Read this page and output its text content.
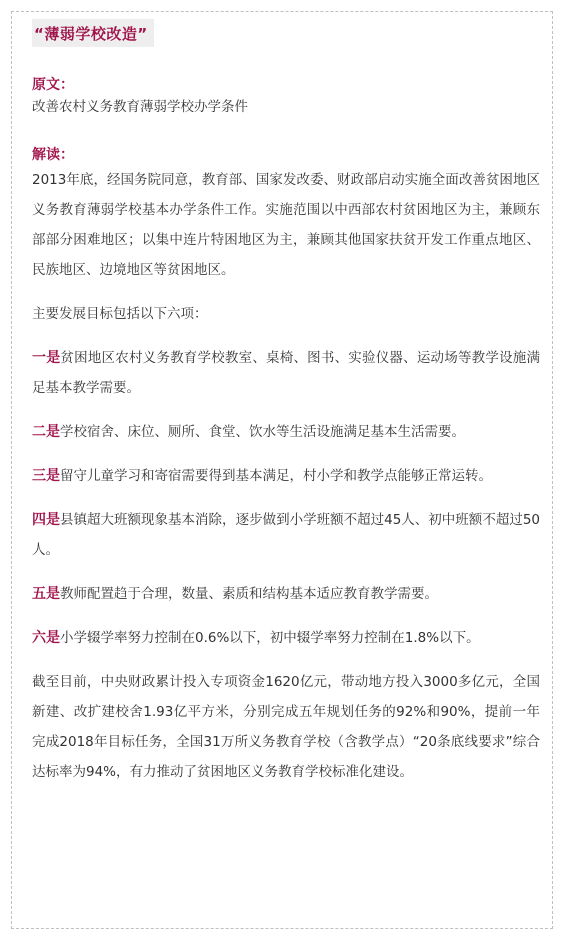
“薄弱学校改造”
原文：

改善农村义务教育薄弱学校办学条件

解读：

2013年底，经国务院同意，教育部、国家发改委、财政部启动实施全面改善贫困地区义务教育薄弱学校基本办学条件工作。实施范围以中西部农村贫困地区为主，兼顾东部部分困难地区；以集中连片特困地区为主，兼顾其他国家扶贫开发工作重点地区、民族地区、边境地区等贫困地区。

主要发展目标包括以下六项：

一是贫困地区农村义务教育学校教室、桌椅、图书、实验仪器、运动场等教学设施满足基本教学需要。

二是学校宿舍、床位、厕所、食堂、饮水等生活设施满足基本生活需要。

三是留守儿童学习和寄宿需要得到基本满足，村小学和教学点能够正常运转。

四是县镇超大班额现象基本消除，逐步做到小学班额不超过45人、初中班额不超过50人。

五是教师配置趋于合理，数量、素质和结构基本适应教育教学需要。

六是小学辍学率努力控制在0.6%以下，初中辍学率努力控制在1.8%以下。

截至目前，中央财政累计投入专项资金1620亿元，带动地方投入3000多亿元，全国新建、改扩建校舍1.93亿平方米，分别完成五年规划任务的92%和90%，提前一年完成2018年目标任务，全国31万所义务教育学校（含教学点）“20条底线要求”综合达标率为94%，有力推动了贫困地区义务教育学校标准化建设。
